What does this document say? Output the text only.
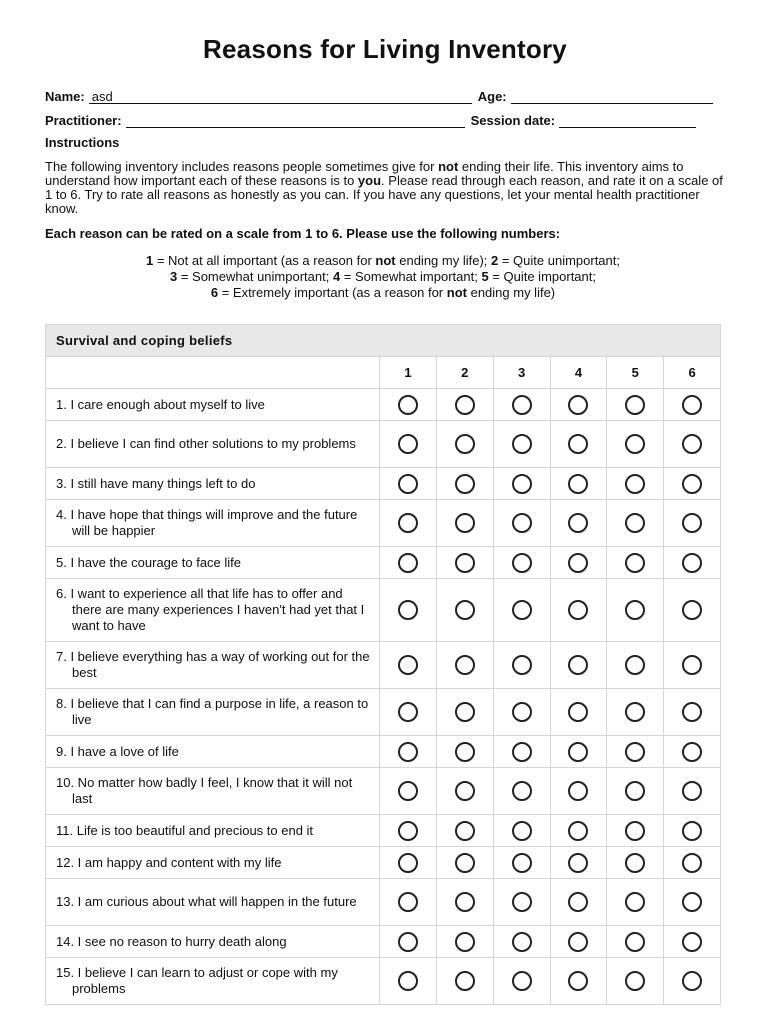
Reasons for Living Inventory
Name: asd	Age:
Practitioner:	Session date:
Instructions
The following inventory includes reasons people sometimes give for not ending their life. This inventory aims to understand how important each of these reasons is to you. Please read through each reason, and rate it on a scale of 1 to 6. Try to rate all reasons as honestly as you can. If you have any questions, let your mental health practitioner know.
Each reason can be rated on a scale from 1 to 6. Please use the following numbers:
1 = Not at all important (as a reason for not ending my life); 2 = Quite unimportant;
3 = Somewhat unimportant; 4 = Somewhat important; 5 = Quite important;
6 = Extremely important (as a reason for not ending my life)
Survival and coping beliefs
1	2	3	4	5	6
1. I care enough about myself to live
2. I believe I can find other solutions to my problems
3. I still have many things left to do
4. I have hope that things will improve and the future will be happier
5. I have the courage to face life
6. I want to experience all that life has to offer and there are many experiences I haven't had yet that I want to have
7. I believe everything has a way of working out for the best
8. I believe that I can find a purpose in life, a reason to live
9. I have a love of life
10. No matter how badly I feel, I know that it will not last
11. Life is too beautiful and precious to end it
12. I am happy and content with my life
13. I am curious about what will happen in the future
14. I see no reason to hurry death along
15. I believe I can learn to adjust or cope with my problems
